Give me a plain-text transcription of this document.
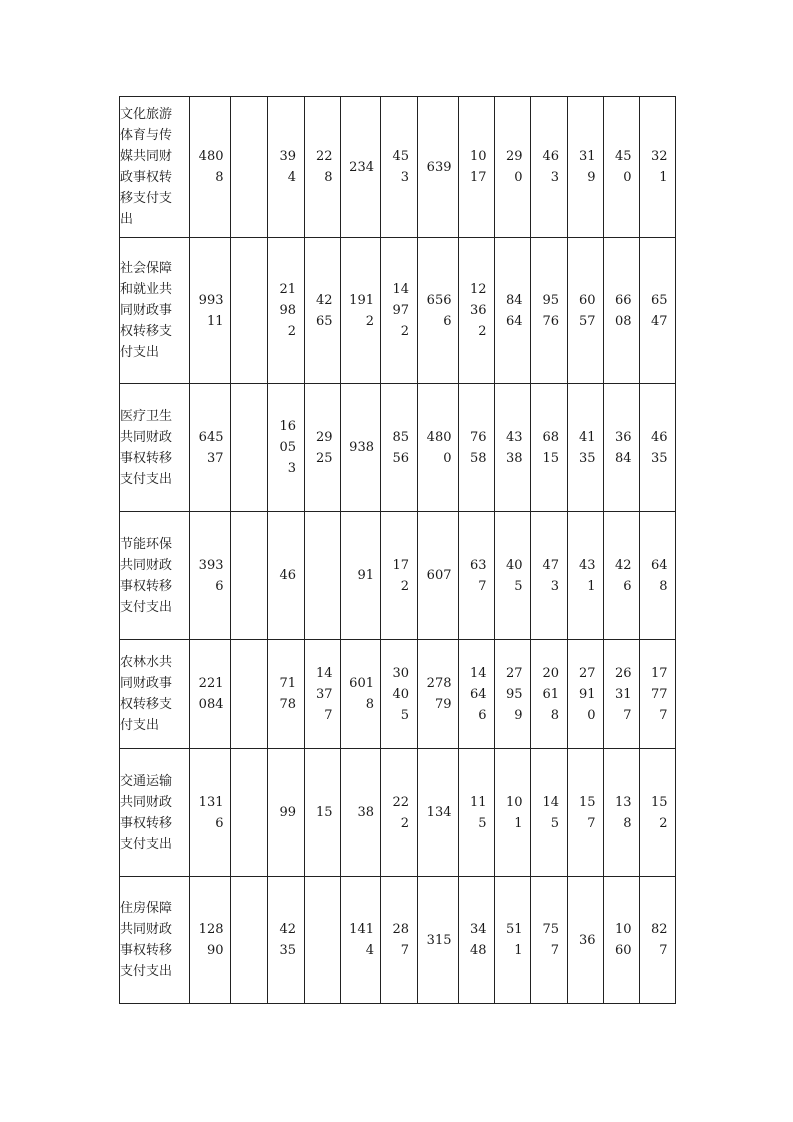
文化旅游体育与传媒共同财政事权转移支付支出	4808		394	228	234	453	639	1017	290	463	319	450	321

社会保障和就业共同财政事权转移支付支出	99311		21982	4265	1912	14972	6566	12362	8464	9576	6057	6608	6547

医疗卫生共同财政事权转移支付支出	64537		16053	2925	938	8556	4800	7658	4338	6815	4135	3684	4635

节能环保共同财政事权转移支付支出	3936		46		91	172	607	637	405	473	431	426	648

农林水共同财政事权转移支付支出	221084		7178	14377	6018	30405	27879	14646	27959	20618	27910	26317	17777

交通运输共同财政事权转移支付支出	1316		99	15	38	222	134	115	101	145	157	138	152

住房保障共同财政事权转移支付支出	12890		4235		1414	287	315	3448	511	757	36	1060	827
